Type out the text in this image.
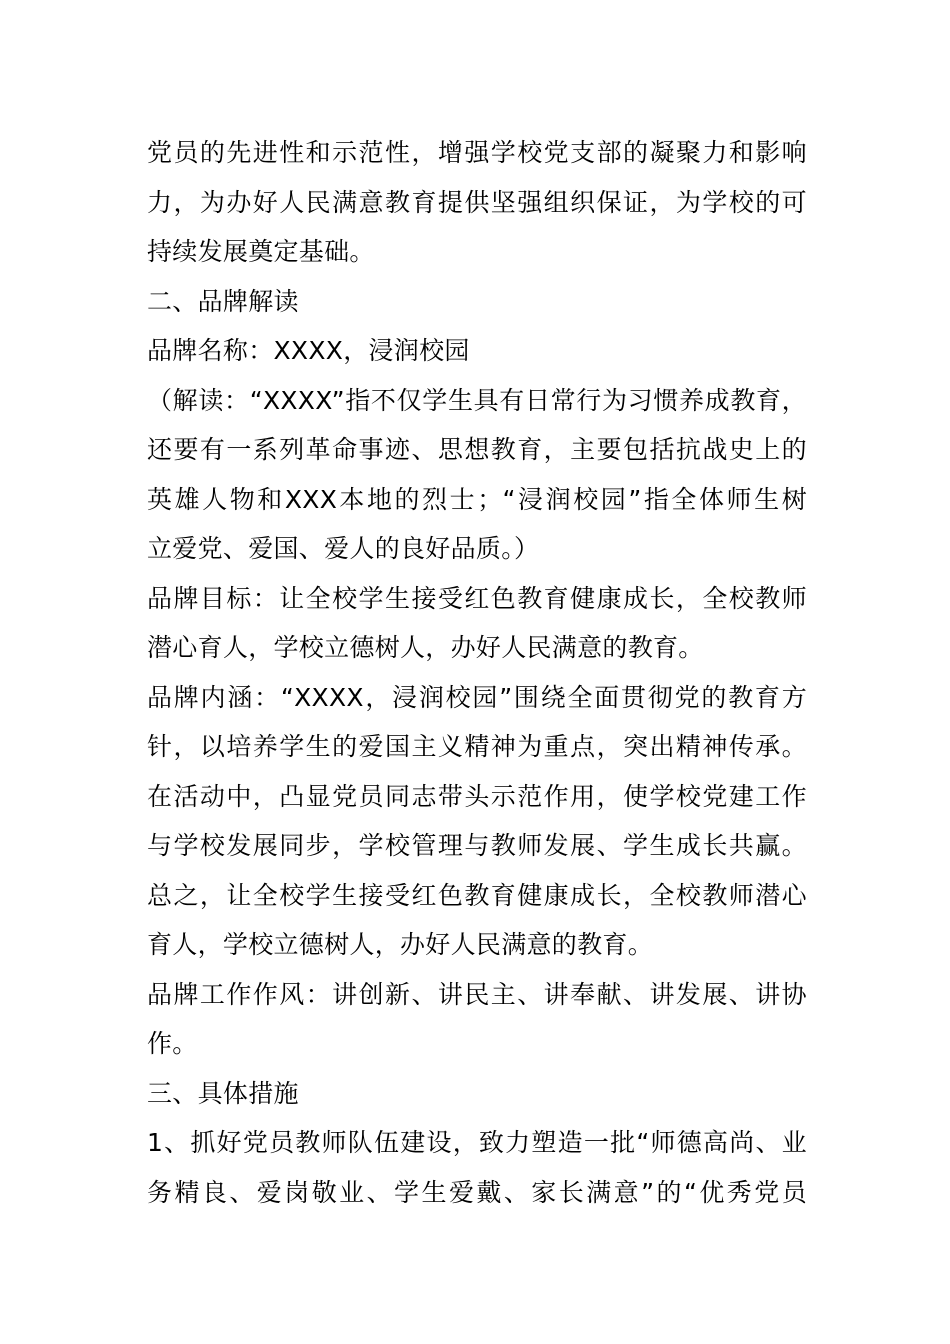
党员的先进性和示范性，增强学校党支部的凝聚力和影响
力，为办好人民满意教育提供坚强组织保证，为学校的可
持续发展奠定基础。
二、品牌解读
品牌名称：XXXX，浸润校园
（解读：“XXXX”指不仅学生具有日常行为习惯养成教育，
还要有一系列革命事迹、思想教育，主要包括抗战史上的
英雄人物和XXX本地的烈士；“浸润校园”指全体师生树
立爱党、爱国、爱人的良好品质。）
品牌目标：让全校学生接受红色教育健康成长，全校教师
潜心育人，学校立德树人，办好人民满意的教育。
品牌内涵：“XXXX，浸润校园”围绕全面贯彻党的教育方
针，以培养学生的爱国主义精神为重点，突出精神传承。
在活动中，凸显党员同志带头示范作用，使学校党建工作
与学校发展同步，学校管理与教师发展、学生成长共赢。
总之，让全校学生接受红色教育健康成长，全校教师潜心
育人，学校立德树人，办好人民满意的教育。
品牌工作作风：讲创新、讲民主、讲奉献、讲发展、讲协
作。
三、具体措施
1、抓好党员教师队伍建设，致力塑造一批“师德高尚、业
务精良、爱岗敬业、学生爱戴、家长满意”的“优秀党员
